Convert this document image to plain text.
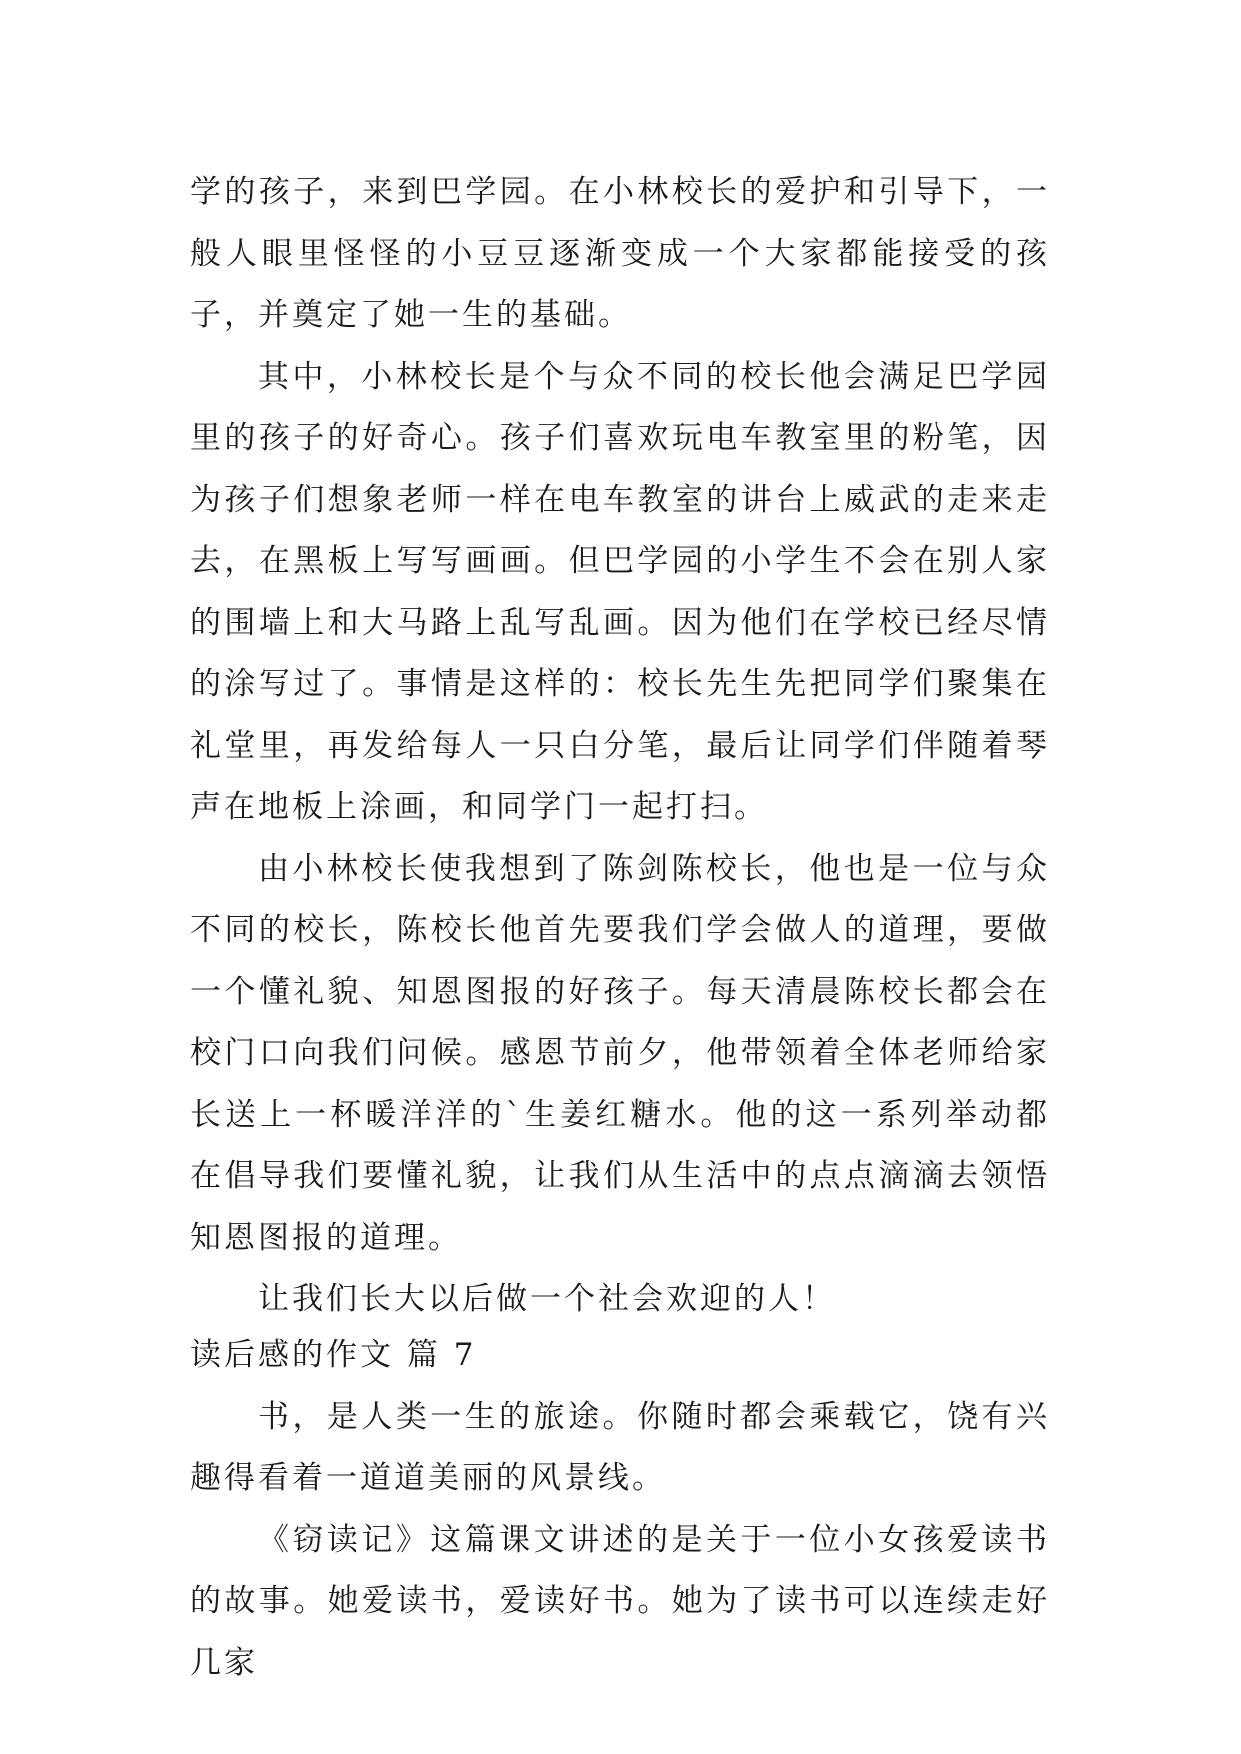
学的孩子，来到巴学园。在小林校长的爱护和引导下，一般人眼里怪怪的小豆豆逐渐变成一个大家都能接受的孩子，并奠定了她一生的基础。

其中，小林校长是个与众不同的校长他会满足巴学园里的孩子的好奇心。孩子们喜欢玩电车教室里的粉笔，因为孩子们想象老师一样在电车教室的讲台上威武的走来走去，在黑板上写写画画。但巴学园的小学生不会在别人家的围墙上和大马路上乱写乱画。因为他们在学校已经尽情的涂写过了。事情是这样的：校长先生先把同学们聚集在礼堂里，再发给每人一只白分笔，最后让同学们伴随着琴声在地板上涂画，和同学门一起打扫。

由小林校长使我想到了陈剑陈校长，他也是一位与众不同的校长，陈校长他首先要我们学会做人的道理，要做一个懂礼貌、知恩图报的好孩子。每天清晨陈校长都会在校门口向我们问候。感恩节前夕，他带领着全体老师给家长送上一杯暖洋洋的`生姜红糖水。他的这一系列举动都在倡导我们要懂礼貌，让我们从生活中的点点滴滴去领悟知恩图报的道理。

让我们长大以后做一个社会欢迎的人！

读后感的作文 篇 7

书，是人类一生的旅途。你随时都会乘载它，饶有兴趣得看着一道道美丽的风景线。

《窃读记》这篇课文讲述的是关于一位小女孩爱读书的故事。她爱读书，爱读好书。她为了读书可以连续走好几家
